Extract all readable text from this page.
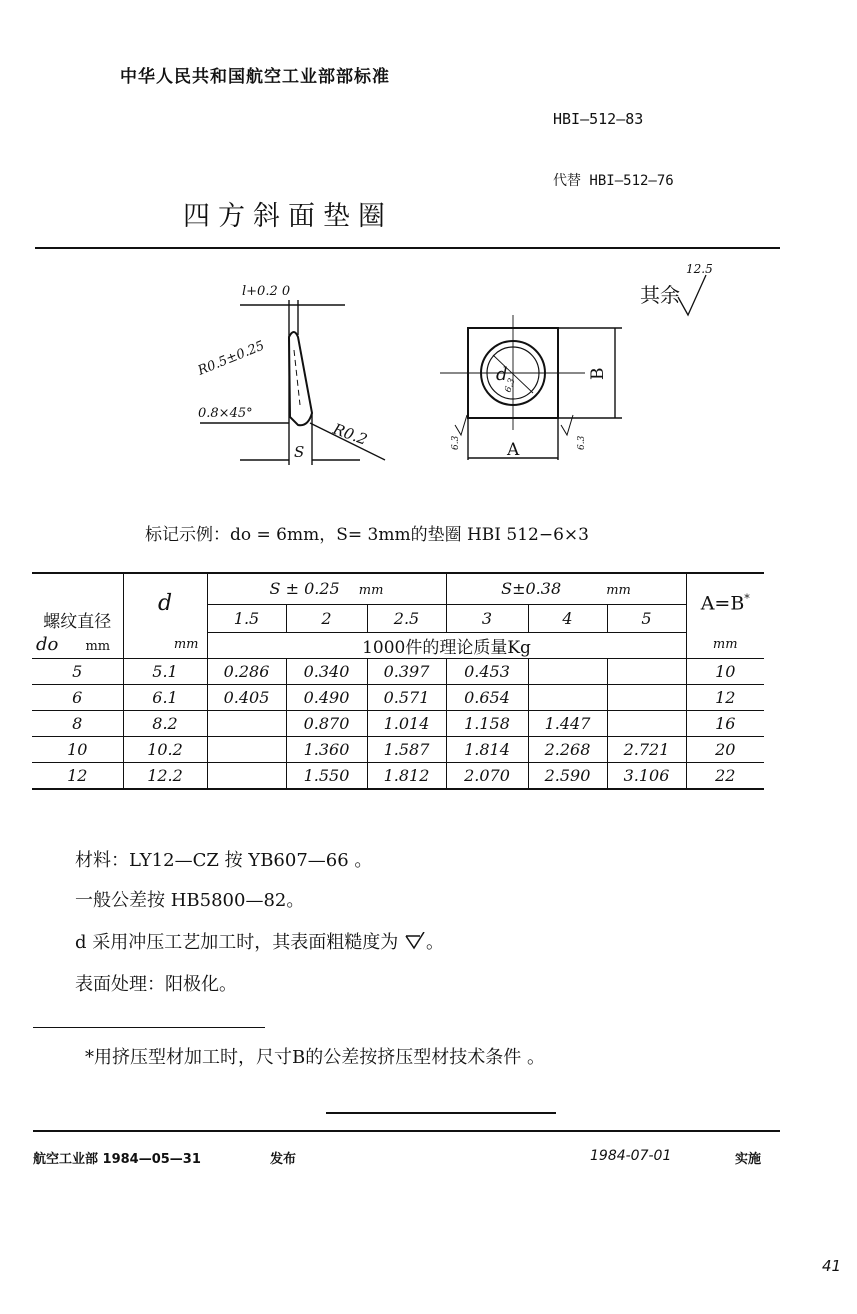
中华人民共和国航空工业部部标准
HBI—512—83
代替 HBI—512—76
四方斜面垫圈
l+0.2 0
R0.5±0.25
0.8×45°
R0.2
S
d
6.3
A
B
6.3	6.3
其余
12.5
标记示例：do = 6mm，S= 3mm的垫圈 HBI 512−6×3
螺纹直径	d	S ± 0.25 mm			S±0.38 mm			A=B*
		1.5	2	2.5	3	4	5	
do mm	mm	1000件的理论质量Kg						mm
5	5.1	0.286	0.340	0.397	0.453			10
6	6.1	0.405	0.490	0.571	0.654			12
8	8.2		0.870	1.014	1.158	1.447		16
10	10.2		1.360	1.587	1.814	2.268	2.721	20
12	12.2		1.550	1.812	2.070	2.590	3.106	22
材料：LY12—CZ 按 YB607—66 。
一般公差按 HB5800—82。
d 采用冲压工艺加工时，其表面粗糙度为 。
表面处理：阳极化。
*用挤压型材加工时，尺寸B的公差按挤压型材技术条件 。
航空工业部 1984—05—31	发布	1984-07-01	实施
41
